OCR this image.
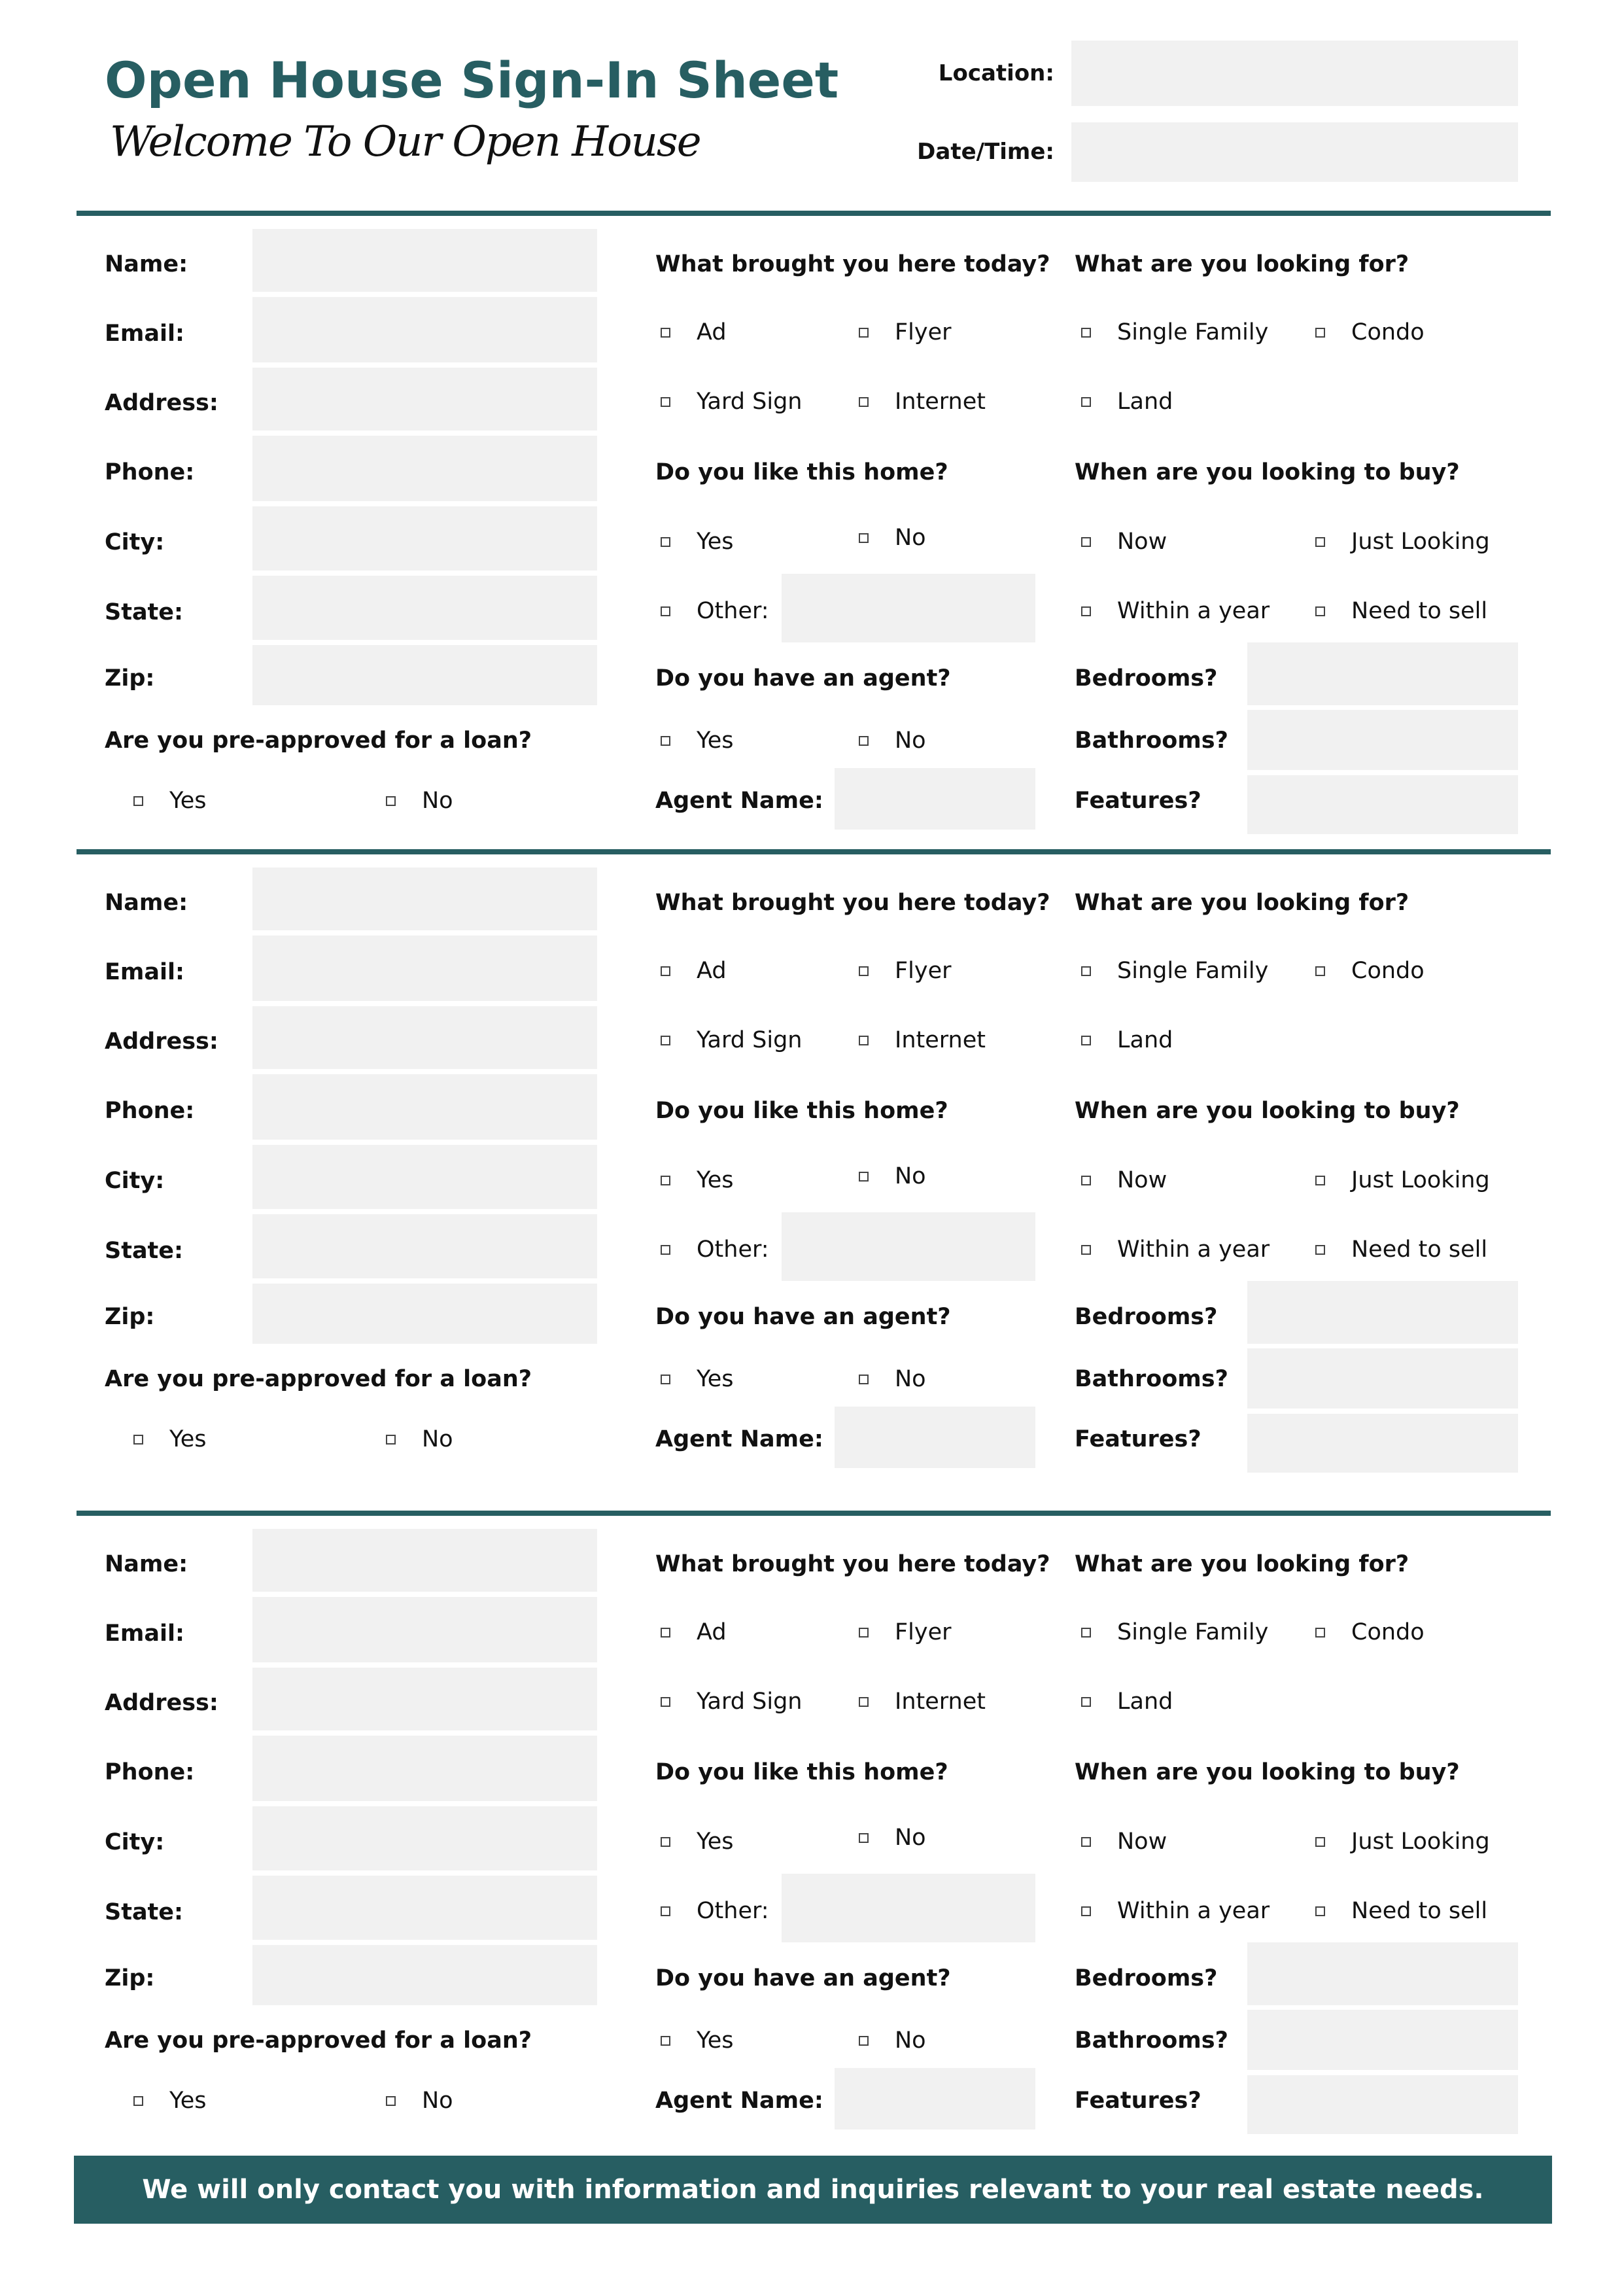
Open House Sign-In Sheet
Welcome To Our Open House
Location:
Date/Time:
Name:
Email:
Address:
Phone:
City:
State:
Zip:
Are you pre-approved for a loan?
Yes	No
What brought you here today?
Ad	Flyer
Yard Sign	Internet
Do you like this home?
Yes	No
Other:
Do you have an agent?
Yes	No
Agent Name:
What are you looking for?
Single Family	Condo
Land
When are you looking to buy?
Now	Just Looking
Within a year	Need to sell
Bedrooms?
Bathrooms?
Features?
Name:
Email:
Address:
Phone:
City:
State:
Zip:
Are you pre-approved for a loan?
Yes	No
What brought you here today?
Ad	Flyer
Yard Sign	Internet
Do you like this home?
Yes	No
Other:
Do you have an agent?
Yes	No
Agent Name:
What are you looking for?
Single Family	Condo
Land
When are you looking to buy?
Now	Just Looking
Within a year	Need to sell
Bedrooms?
Bathrooms?
Features?
Name:
Email:
Address:
Phone:
City:
State:
Zip:
Are you pre-approved for a loan?
Yes	No
What brought you here today?
Ad	Flyer
Yard Sign	Internet
Do you like this home?
Yes	No
Other:
Do you have an agent?
Yes	No
Agent Name:
What are you looking for?
Single Family	Condo
Land
When are you looking to buy?
Now	Just Looking
Within a year	Need to sell
Bedrooms?
Bathrooms?
Features?
We will only contact you with information and inquiries relevant to your real estate needs.
